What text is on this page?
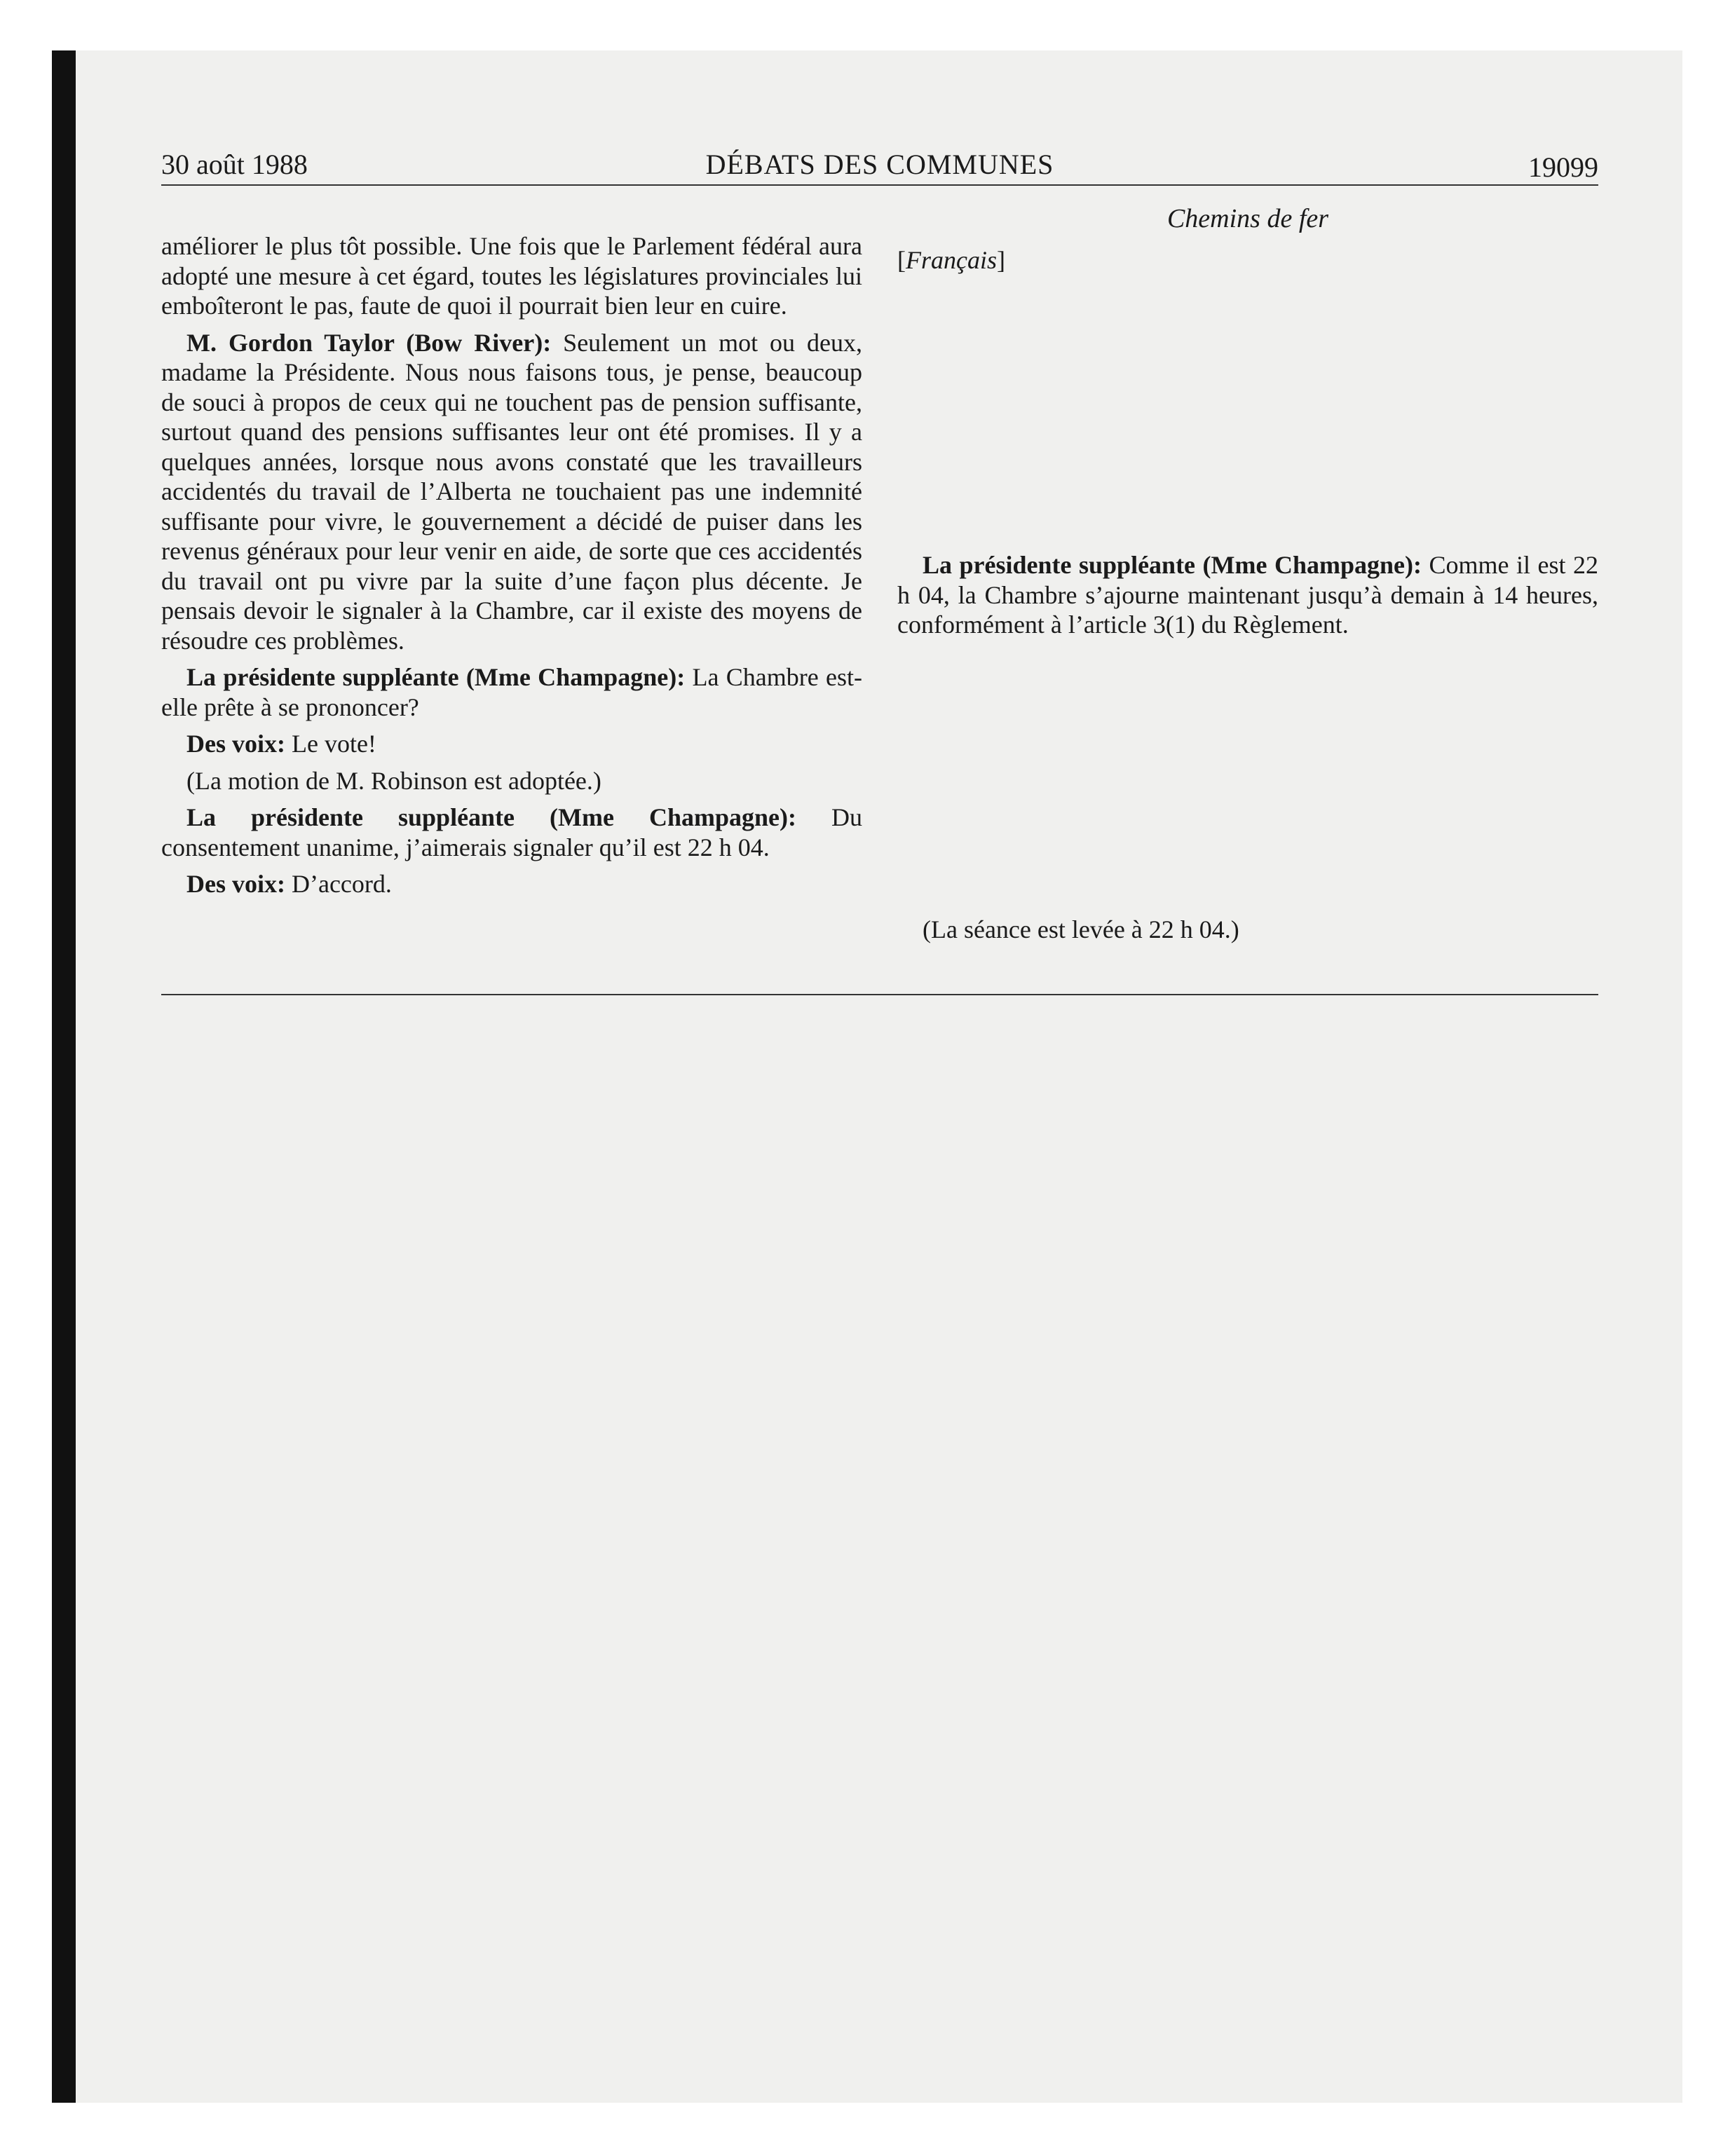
30 août 1988	DÉBATS DES COMMUNES	19099
Chemins de fer

améliorer le plus tôt possible. Une fois que le Parlement fédéral aura adopté une mesure à cet égard, toutes les législatures provinciales lui emboîteront le pas, faute de quoi il pourrait bien leur en cuire.

M. Gordon Taylor (Bow River): Seulement un mot ou deux, madame la Présidente. Nous nous faisons tous, je pense, beaucoup de souci à propos de ceux qui ne touchent pas de pension suffisante, surtout quand des pensions suffisantes leur ont été promises. Il y a quelques années, lorsque nous avons constaté que les travailleurs accidentés du travail de l’Alberta ne touchaient pas une indemnité suffisante pour vivre, le gouvernement a décidé de puiser dans les revenus généraux pour leur venir en aide, de sorte que ces accidentés du travail ont pu vivre par la suite d’une façon plus décente. Je pensais devoir le signaler à la Chambre, car il existe des moyens de résoudre ces problèmes.

La présidente suppléante (Mme Champagne): La Chambre est-elle prête à se prononcer?

Des voix: Le vote!

(La motion de M. Robinson est adoptée.)

La présidente suppléante (Mme Champagne): Du consentement unanime, j’aimerais signaler qu’il est 22 h 04.

Des voix: D’accord.

[Français]

La présidente suppléante (Mme Champagne): Comme il est 22 h 04, la Chambre s’ajourne maintenant jusqu’à demain à 14 heures, conformément à l’article 3(1) du Règlement.

(La séance est levée à 22 h 04.)
